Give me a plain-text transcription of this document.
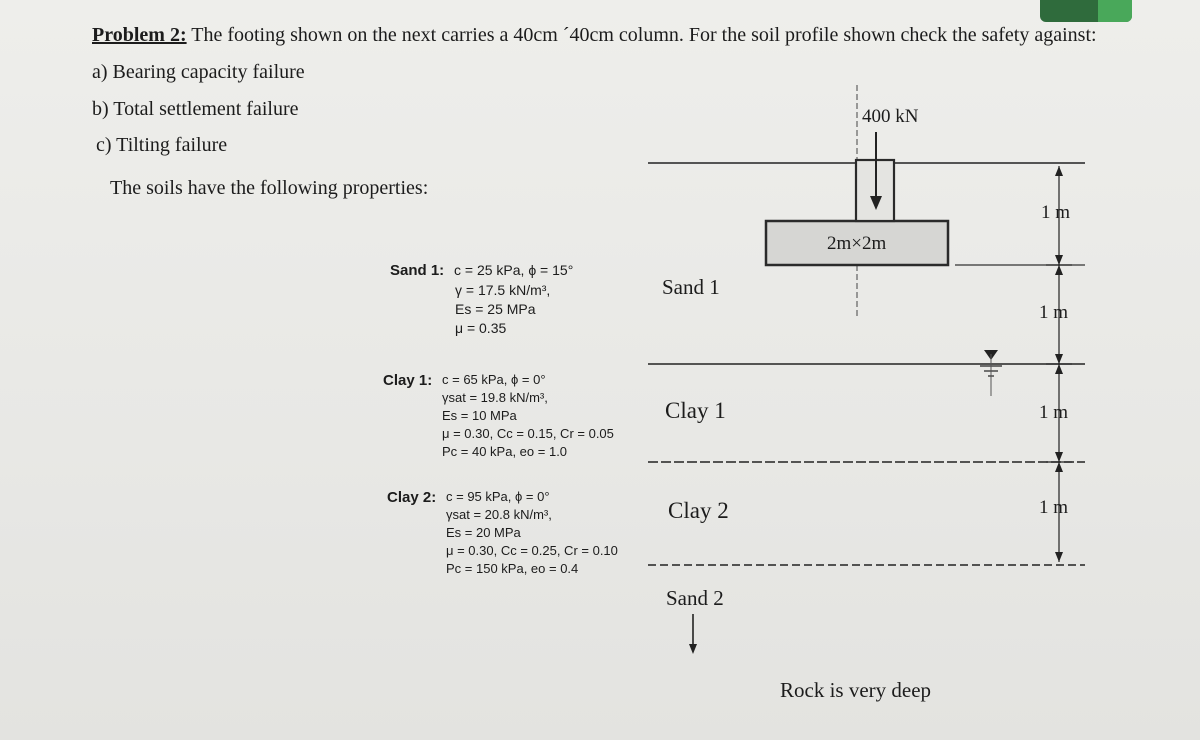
Problem 2: The footing shown on the next carries a 40cm ´40cm column. For the soil profile shown check the safety against:
a) Bearing capacity failure
b) Total settlement failure
c) Tilting failure
The soils have the following properties:
Sand 1: c = 25 kPa, ϕ = 15°
γ = 17.5 kN/m³,
Es = 25 MPa
μ = 0.35
Clay 1: c = 65 kPa, ϕ = 0°
γsat = 19.8 kN/m³,
Es = 10 MPa
μ = 0.30, Cc = 0.15, Cr = 0.05
Pc = 40 kPa, eo = 1.0
Clay 2: c = 95 kPa, ϕ = 0°
γsat = 20.8 kN/m³,
Es = 20 MPa
μ = 0.30, Cc = 0.25, Cr = 0.10
Pc = 150 kPa, eo = 0.4
400 kN
2m×2m
Sand 1
Clay 1
Clay 2
Sand 2
1 m
1 m
1 m
1 m
Rock is very deep
